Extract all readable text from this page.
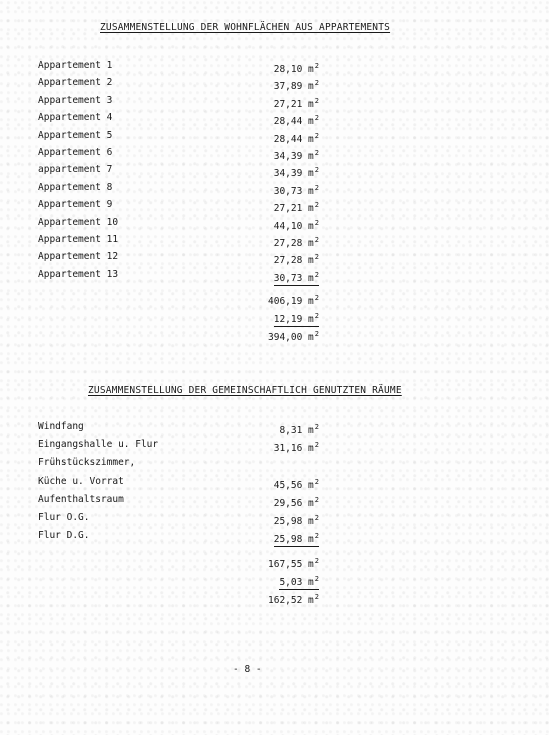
ZUSAMMENSTELLUNG DER WOHNFLÄCHEN AUS APPARTEMENTS
Appartement 1	28,10 $m^2$
Appartement 2	37,89 $m^2$
Appartement 3	27,21 $m^2$
Appartement 4	28,44 $m^2$
Appartement 5	28,44 $m^2$
Appartement 6	34,39 $m^2$
appartement 7	34,39 $m^2$
Appartement 8	30,73 $m^2$
Appartement 9	27,21 $m^2$
Appartement 10	44,10 $m^2$
Appartement 11	27,28 $m^2$
Appartement 12	27,28 $m^2$
Appartement 13	30,73 $m^2$
406,19 $m^2$
12,19 $m^2$
394,00 $m^2$
ZUSAMMENSTELLUNG DER GEMEINSCHAFTLICH GENUTZTEN RÄUME
Windfang	8,31 $m^2$
Eingangshalle u. Flur	31,16 $m^2$
Frühstückszimmer,
Küche u. Vorrat	45,56 $m^2$
Aufenthaltsraum	29,56 $m^2$
Flur O.G.	25,98 $m^2$
Flur D.G.	25,98 $m^2$
167,55 $m^2$
5,03 $m^2$
162,52 $m^2$
- 8 -
